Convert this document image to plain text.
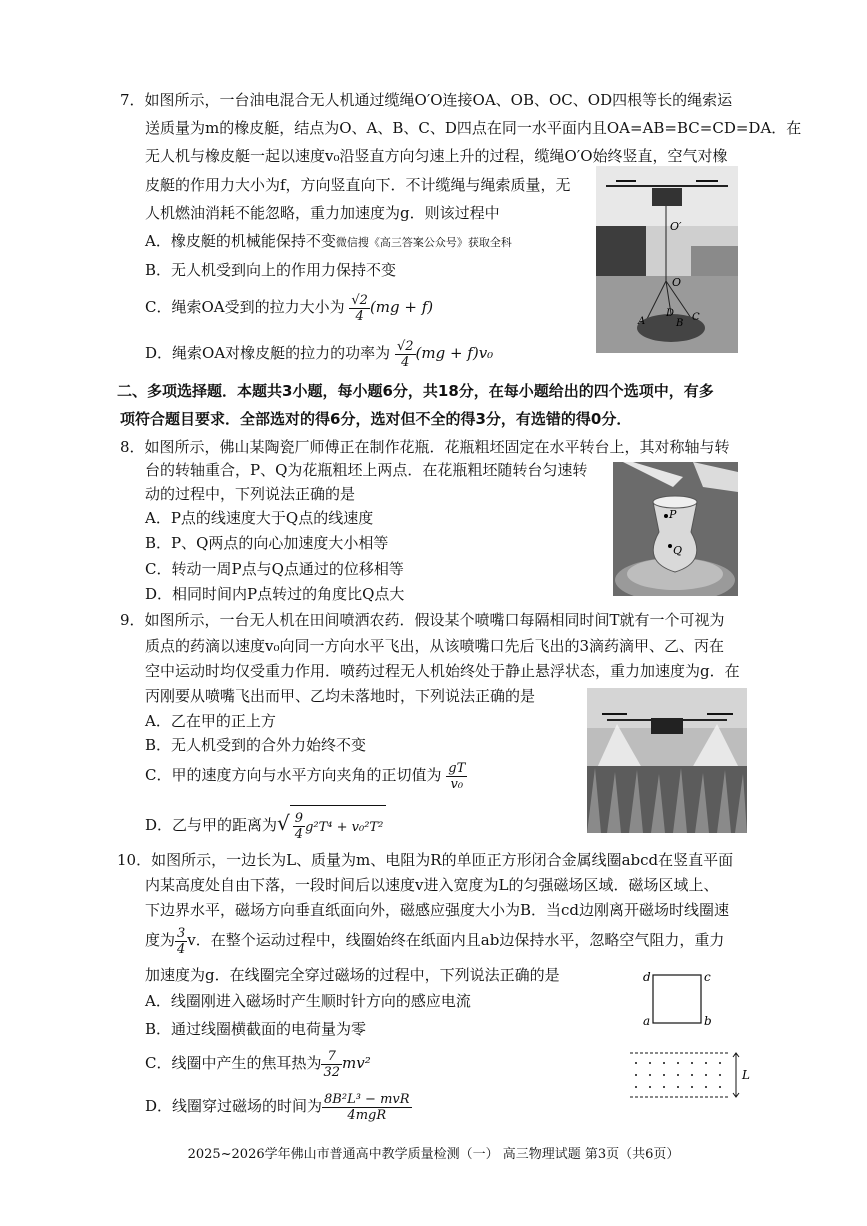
7．如图所示，一台油电混合无人机通过缆绳O′O连接OA、OB、OC、OD四根等长的绳索运
送质量为m的橡皮艇，结点为O、A、B、C、D四点在同一水平面内且OA=AB=BC=CD=DA．在
无人机与橡皮艇一起以速度v₀沿竖直方向匀速上升的过程，缆绳O′O始终竖直，空气对橡
皮艇的作用力大小为f，方向竖直向下．不计缆绳与绳索质量，无
人机燃油消耗不能忽略，重力加速度为g．则该过程中
A．橡皮艇的机械能保持不变微信搜《高三答案公众号》获取全科
B．无人机受到向上的作用力保持不变
C．绳索OA受到的拉力大小为 $\frac{√2}{4} (mg + f)$
D．绳索OA对橡皮艇的拉力的功率为 $\frac{√2}{4} (mg + f)v_0$
O′
O
A
D
B
C
二、多项选择题．本题共3小题，每小题6分，共18分，在每小题给出的四个选项中，有多
项符合题目要求．全部选对的得6分，选对但不全的得3分，有选错的得0分．
8．如图所示，佛山某陶瓷厂师傅正在制作花瓶．花瓶粗坯固定在水平转台上，其对称轴与转
台的转轴重合，P、Q为花瓶粗坯上两点．在花瓶粗坯随转台匀速转
动的过程中，下列说法正确的是
A．P点的线速度大于Q点的线速度
B．P、Q两点的向心加速度大小相等
C．转动一周P点与Q点通过的位移相等
D．相同时间内P点转过的角度比Q点大
P
Q
9．如图所示，一台无人机在田间喷洒农药．假设某个喷嘴口每隔相同时间T就有一个可视为
质点的药滴以速度v₀向同一方向水平飞出，从该喷嘴口先后飞出的3滴药滴甲、乙、丙在
空中运动时均仅受重力作用．喷药过程无人机始终处于静止悬浮状态，重力加速度为g．在
丙刚要从喷嘴飞出而甲、乙均未落地时，下列说法正确的是
A．乙在甲的正上方
B．无人机受到的合外力始终不变
C．甲的速度方向与水平方向夹角的正切值为 $\frac{gT}{\text{v₀}}$
D．乙与甲的距离为√ $\frac{9}{4} g^2T^4 + v_0^2T^2$
10．如图所示，一边长为L、质量为m、电阻为R的单匝正方形闭合金属线圈abcd在竖直平面
内某高度处自由下落，一段时间后以速度v进入宽度为L的匀强磁场区域．磁场区域上、
下边界水平，磁场方向垂直纸面向外，磁感应强度大小为B．当cd边刚离开磁场时线圈速
度为 $\frac{3}{4}$ v．在整个运动过程中，线圈始终在纸面内且ab边保持水平，忽略空气阻力，重力
加速度为g．在线圈完全穿过磁场的过程中，下列说法正确的是
A．线圈刚进入磁场时产生顺时针方向的感应电流
B．通过线圈横截面的电荷量为零
C．线圈中产生的焦耳热为 $\frac{7}{32} mv^2$
D．线圈穿过磁场的时间为 $\frac{\text{8B²L³ − mvR}}{\text{4mgR}}$
d	c
a	b
L
2025~2026学年佛山市普通高中教学质量检测（一） 高三物理试题 第3页（共6页）
